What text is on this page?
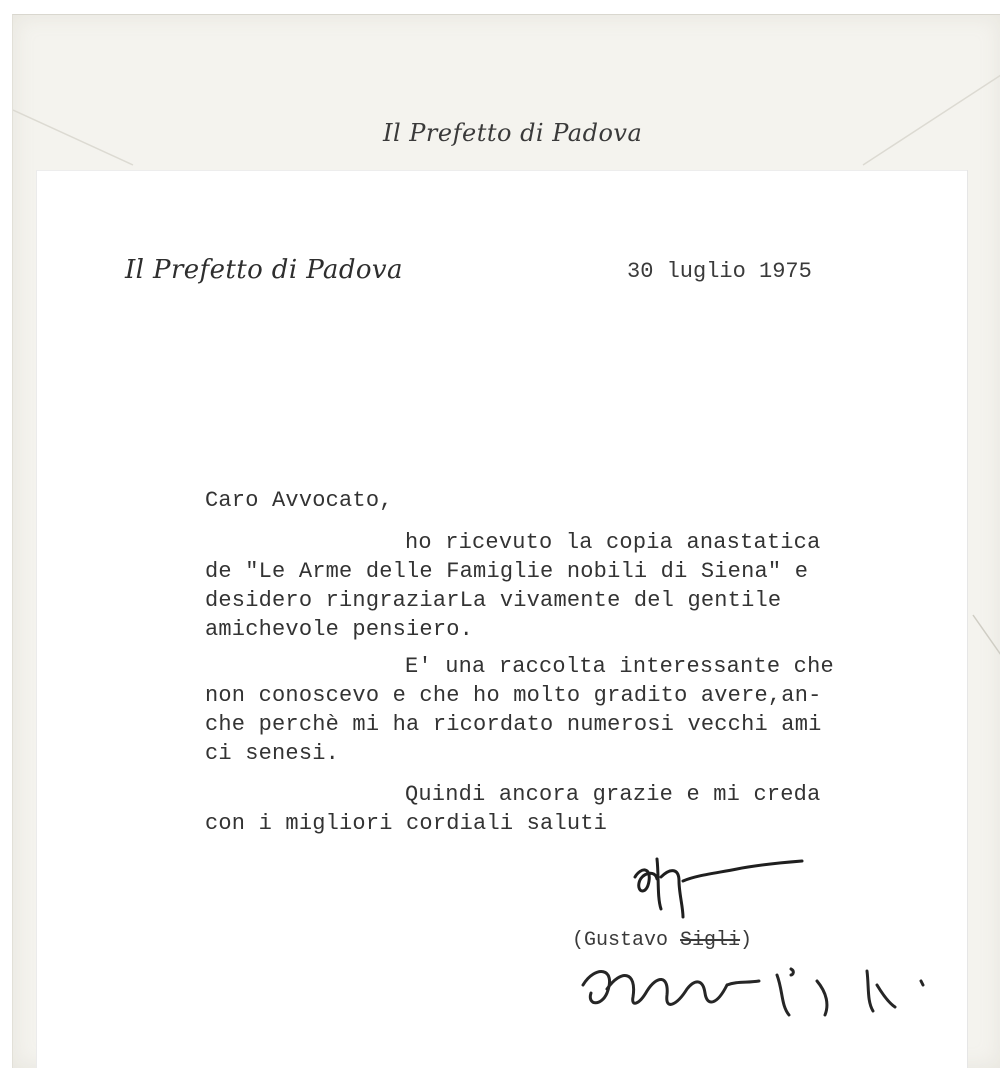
Il Prefetto di Padova
Il Prefetto di Padova	30 luglio 1975
Caro Avvocato,
ho ricevuto la copia anastatica
de "Le Arme delle Famiglie nobili di Siena" e
desidero ringraziarLa vivamente del gentile
amichevole pensiero.
E' una raccolta interessante che
non conoscevo e che ho molto gradito avere,an-
che perchè mi ha ricordato numerosi vecchi ami
ci senesi.
Quindi ancora grazie e mi creda
con i migliori cordiali saluti
(Gustavo Sigli)
